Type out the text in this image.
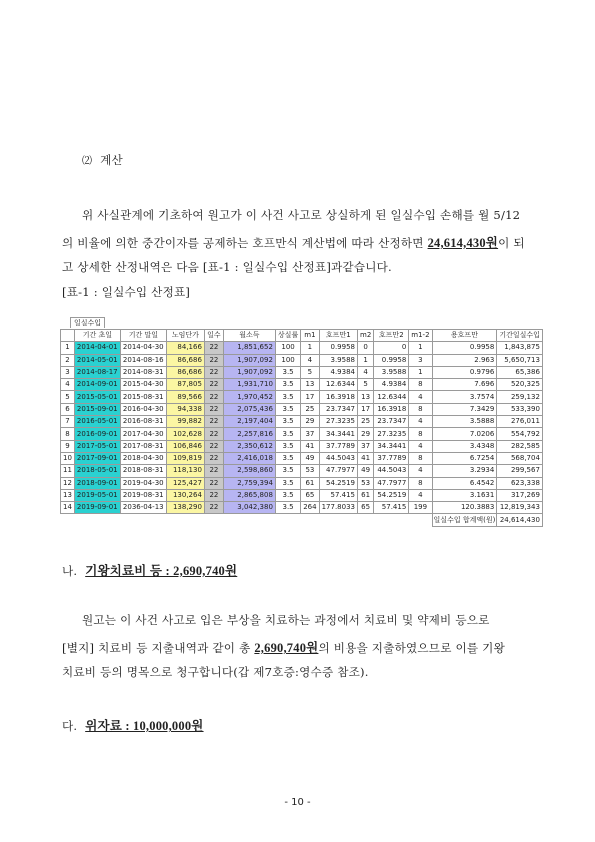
⑵ 계산
위 사실관계에 기초하여 원고가 이 사건 사고로 상실하게 된 일실수입 손해를 월 5/12
의 비율에 의한 중간이자를 공제하는 호프만식 계산법에 따라 산정하면 24,614,430원이 되
고 상세한 산정내역은 다음 [표-1 : 일실수입 산정표]과같습니다.
[표-1 : 일실수입 산정표]
일실수입
	기간 초일	기간 말일	노임단가	일수	월소득	상실률	m1	호프만1	m2	호프만2	m1-2	용호프만	기간일실수입
1	2014-04-01	2014-04-30	84,166	22	1,851,652	100	1	0.9958	0	0	1	0.9958	1,843,875
2	2014-05-01	2014-08-16	86,686	22	1,907,092	100	4	3.9588	1	0.9958	3	2.963	5,650,713
3	2014-08-17	2014-08-31	86,686	22	1,907,092	3.5	5	4.9384	4	3.9588	1	0.9796	65,386
4	2014-09-01	2015-04-30	87,805	22	1,931,710	3.5	13	12.6344	5	4.9384	8	7.696	520,325
5	2015-05-01	2015-08-31	89,566	22	1,970,452	3.5	17	16.3918	13	12.6344	4	3.7574	259,132
6	2015-09-01	2016-04-30	94,338	22	2,075,436	3.5	25	23.7347	17	16.3918	8	7.3429	533,390
7	2016-05-01	2016-08-31	99,882	22	2,197,404	3.5	29	27.3235	25	23.7347	4	3.5888	276,011
8	2016-09-01	2017-04-30	102,628	22	2,257,816	3.5	37	34.3441	29	27.3235	8	7.0206	554,792
9	2017-05-01	2017-08-31	106,846	22	2,350,612	3.5	41	37.7789	37	34.3441	4	3.4348	282,585
10	2017-09-01	2018-04-30	109,819	22	2,416,018	3.5	49	44.5043	41	37.7789	8	6.7254	568,704
11	2018-05-01	2018-08-31	118,130	22	2,598,860	3.5	53	47.7977	49	44.5043	4	3.2934	299,567
12	2018-09-01	2019-04-30	125,427	22	2,759,394	3.5	61	54.2519	53	47.7977	8	6.4542	623,338
13	2019-05-01	2019-08-31	130,264	22	2,865,808	3.5	65	57.415	61	54.2519	4	3.1631	317,269
14	2019-09-01	2036-04-13	138,290	22	3,042,380	3.5	264	177.8033	65	57.415	199	120.3883	12,819,343
												일실수입 합계액(원)	24,614,430
나. 기왕치료비 등 : 2,690,740원
원고는 이 사건 사고로 입은 부상을 치료하는 과정에서 치료비 및 약제비 등으로
[별지] 치료비 등 지출내역과 같이 총 2,690,740원의 비용을 지출하였으므로 이를 기왕
치료비 등의 명목으로 청구합니다(갑 제7호증:영수증 참조).
다. 위자료 : 10,000,000원
- 10 -
